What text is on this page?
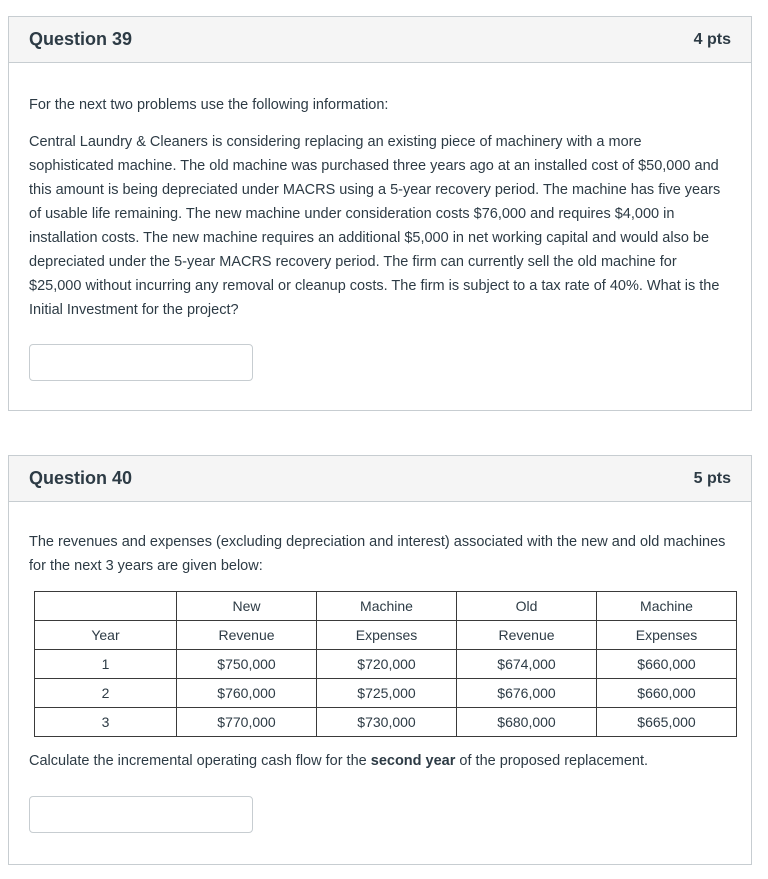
Question 39	4 pts

For the next two problems use the following information:

Central Laundry & Cleaners is considering replacing an existing piece of machinery with a more sophisticated machine. The old machine was purchased three years ago at an installed cost of $50,000 and this amount is being depreciated under MACRS using a 5-year recovery period. The machine has five years of usable life remaining. The new machine under consideration costs $76,000 and requires $4,000 in installation costs. The new machine requires an additional $5,000 in net working capital and would also be depreciated under the 5-year MACRS recovery period. The firm can currently sell the old machine for $25,000 without incurring any removal or cleanup costs. The firm is subject to a tax rate of 40%. What is the Initial Investment for the project?

Question 40	5 pts

The revenues and expenses (excluding depreciation and interest) associated with the new and old machines for the next 3 years are given below:

	New	Machine	Old	Machine
Year	Revenue	Expenses	Revenue	Expenses
1	$750,000	$720,000	$674,000	$660,000
2	$760,000	$725,000	$676,000	$660,000
3	$770,000	$730,000	$680,000	$665,000

Calculate the incremental operating cash flow for the second year of the proposed replacement.
